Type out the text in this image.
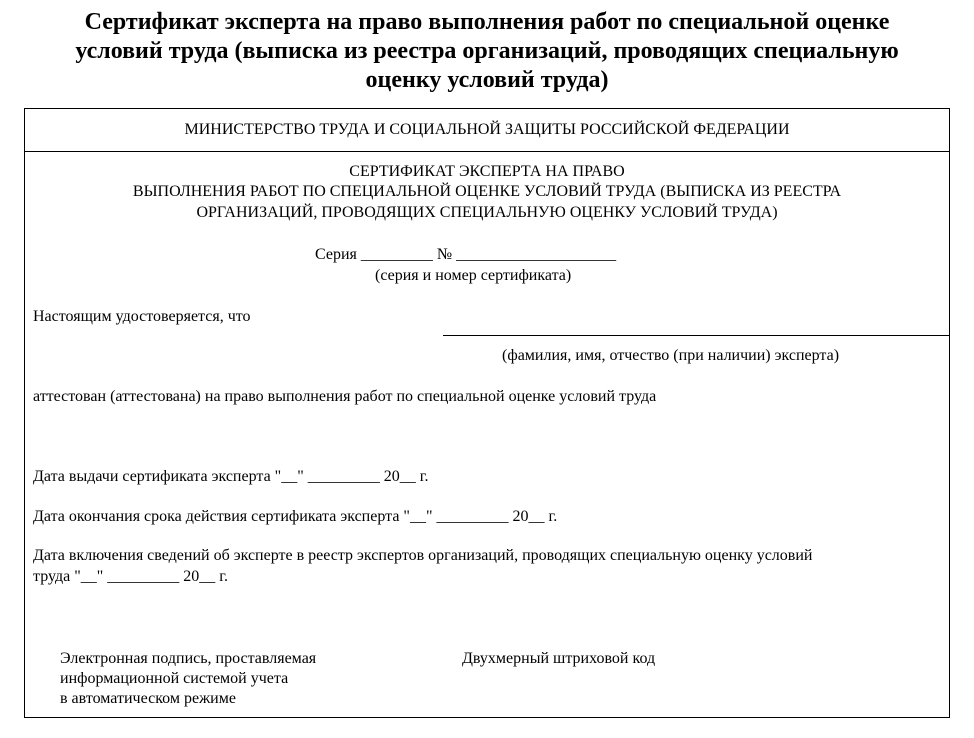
Сертификат эксперта на право выполнения работ по специальной оценке
условий труда (выписка из реестра организаций, проводящих специальную
оценку условий труда)
МИНИСТЕРСТВО ТРУДА И СОЦИАЛЬНОЙ ЗАЩИТЫ РОССИЙСКОЙ ФЕДЕРАЦИИ
СЕРТИФИКАТ ЭКСПЕРТА НА ПРАВО
ВЫПОЛНЕНИЯ РАБОТ ПО СПЕЦИАЛЬНОЙ ОЦЕНКЕ УСЛОВИЙ ТРУДА (ВЫПИСКА ИЗ РЕЕСТРА
ОРГАНИЗАЦИЙ, ПРОВОДЯЩИХ СПЕЦИАЛЬНУЮ ОЦЕНКУ УСЛОВИЙ ТРУДА)
Серия _________ № ____________________
(серия и номер сертификата)
Настоящим удостоверяется, что
(фамилия, имя, отчество (при наличии) эксперта)
аттестован (аттестована) на право выполнения работ по специальной оценке условий труда
Дата выдачи сертификата эксперта "__" _________ 20__ г.
Дата окончания срока действия сертификата эксперта "__" _________ 20__ г.
Дата включения сведений об эксперте в реестр экспертов организаций, проводящих специальную оценку условий
труда "__" _________ 20__ г.
Электронная подпись, проставляемая
информационной системой учета
в автоматическом режиме
Двухмерный штриховой код
